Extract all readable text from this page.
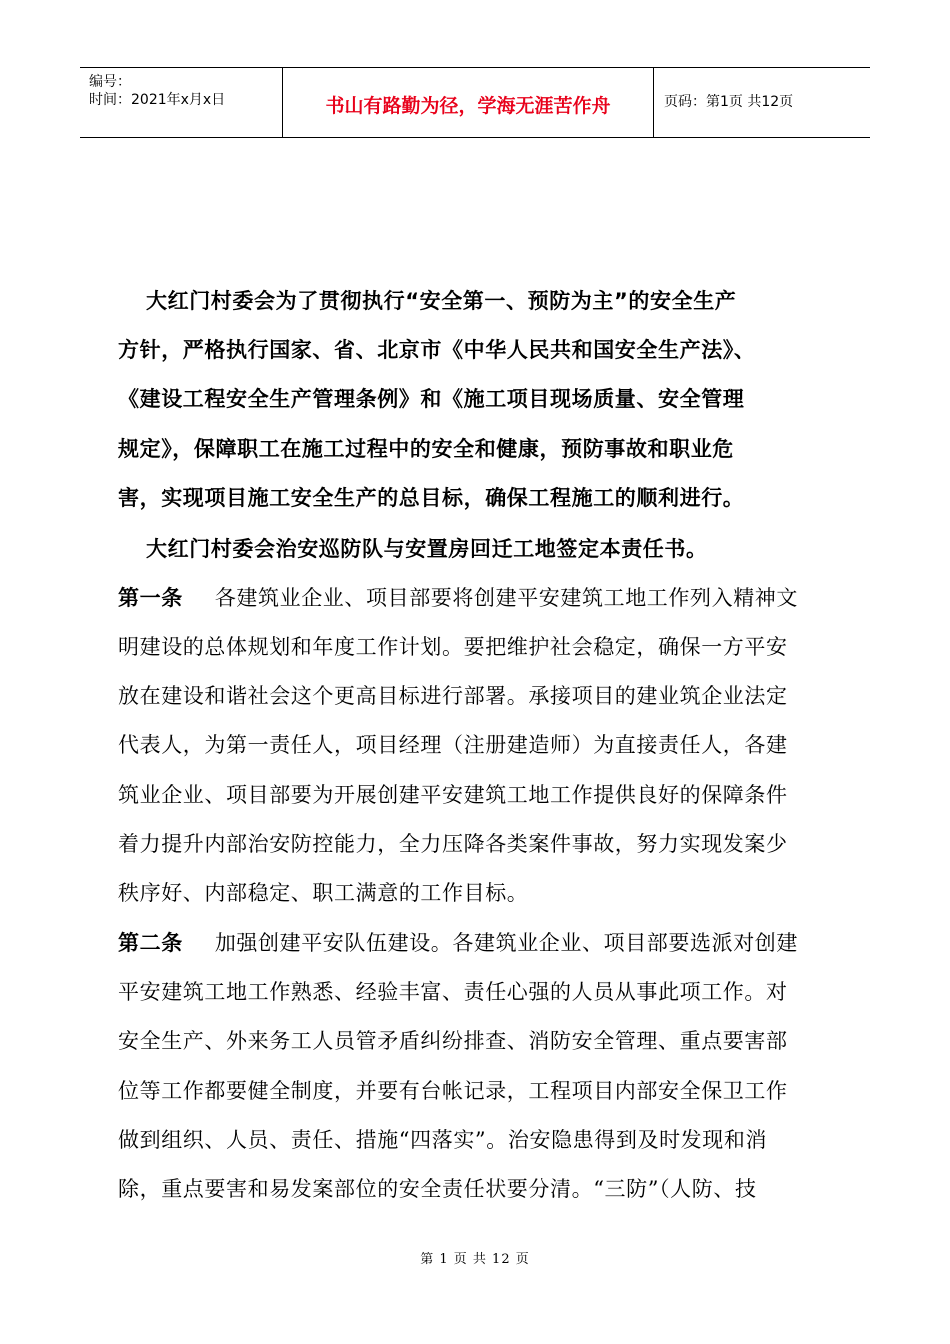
编号：
时间：2021年x月x日	书山有路勤为径，学海无涯苦作舟	页码：第1页 共12页
大红门村委会为了贯彻执行“安全第一、预防为主”的安全生产
方针，严格执行国家、省、北京市《中华人民共和国安全生产法》、
《建设工程安全生产管理条例》和《施工项目现场质量、安全管理
规定》，保障职工在施工过程中的安全和健康，预防事故和职业危
害，实现项目施工安全生产的总目标，确保工程施工的顺利进行。
大红门村委会治安巡防队与安置房回迁工地签定本责任书。
第一条 各建筑业企业、项目部要将创建平安建筑工地工作列入精神文
明建设的总体规划和年度工作计划。要把维护社会稳定，确保一方平安
放在建设和谐社会这个更高目标进行部署。承接项目的建业筑企业法定
代表人，为第一责任人，项目经理（注册建造师）为直接责任人，各建
筑业企业、项目部要为开展创建平安建筑工地工作提供良好的保障条件
着力提升内部治安防控能力，全力压降各类案件事故，努力实现发案少
秩序好、内部稳定、职工满意的工作目标。
第二条 加强创建平安队伍建设。各建筑业企业、项目部要选派对创建
平安建筑工地工作熟悉、经验丰富、责任心强的人员从事此项工作。对
安全生产、外来务工人员管矛盾纠纷排查、消防安全管理、重点要害部
位等工作都要健全制度，并要有台帐记录，工程项目内部安全保卫工作
做到组织、人员、责任、措施“四落实”。治安隐患得到及时发现和消
除，重点要害和易发案部位的安全责任状要分清。“三防”（人防、技
第 1 页 共 12 页
